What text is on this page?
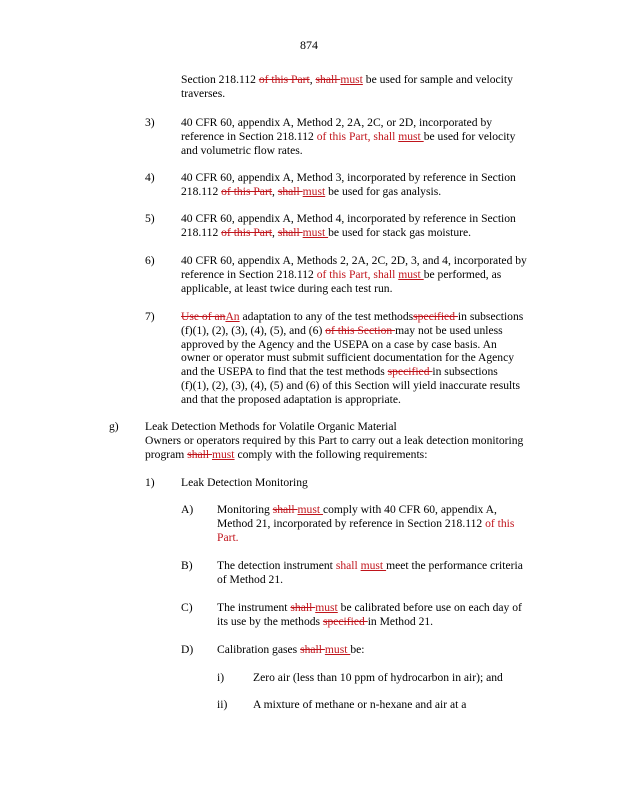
874
Section 218.112 of this Part, shall must be used for sample and velocity
traverses.
3) 40 CFR 60, appendix A, Method 2, 2A, 2C, or 2D, incorporated by
reference in Section 218.112 of this Part, shall must be used for velocity
and volumetric flow rates.
4) 40 CFR 60, appendix A, Method 3, incorporated by reference in Section
218.112 of this Part, shall must be used for gas analysis.
5) 40 CFR 60, appendix A, Method 4, incorporated by reference in Section
218.112 of this Part, shall must be used for stack gas moisture.
6) 40 CFR 60, appendix A, Methods 2, 2A, 2C, 2D, 3, and 4, incorporated by
reference in Section 218.112 of this Part, shall must be performed, as
applicable, at least twice during each test run.
7) Use of anAn adaptation to any of the test methodsspecified in subsections
(f)(1), (2), (3), (4), (5), and (6) of this Section may not be used unless
approved by the Agency and the USEPA on a case by case basis. An
owner or operator must submit sufficient documentation for the Agency
and the USEPA to find that the test methods specified in subsections
(f)(1), (2), (3), (4), (5) and (6) of this Section will yield inaccurate results
and that the proposed adaptation is appropriate.
g) Leak Detection Methods for Volatile Organic Material
Owners or operators required by this Part to carry out a leak detection monitoring
program shall must comply with the following requirements:
1) Leak Detection Monitoring
A) Monitoring shall must comply with 40 CFR 60, appendix A,
Method 21, incorporated by reference in Section 218.112 of this
Part.
B) The detection instrument shall must meet the performance criteria
of Method 21.
C) The instrument shall must be calibrated before use on each day of
its use by the methods specified in Method 21.
D) Calibration gases shall must be:
i) Zero air (less than 10 ppm of hydrocarbon in air); and
ii) A mixture of methane or n-hexane and air at a
